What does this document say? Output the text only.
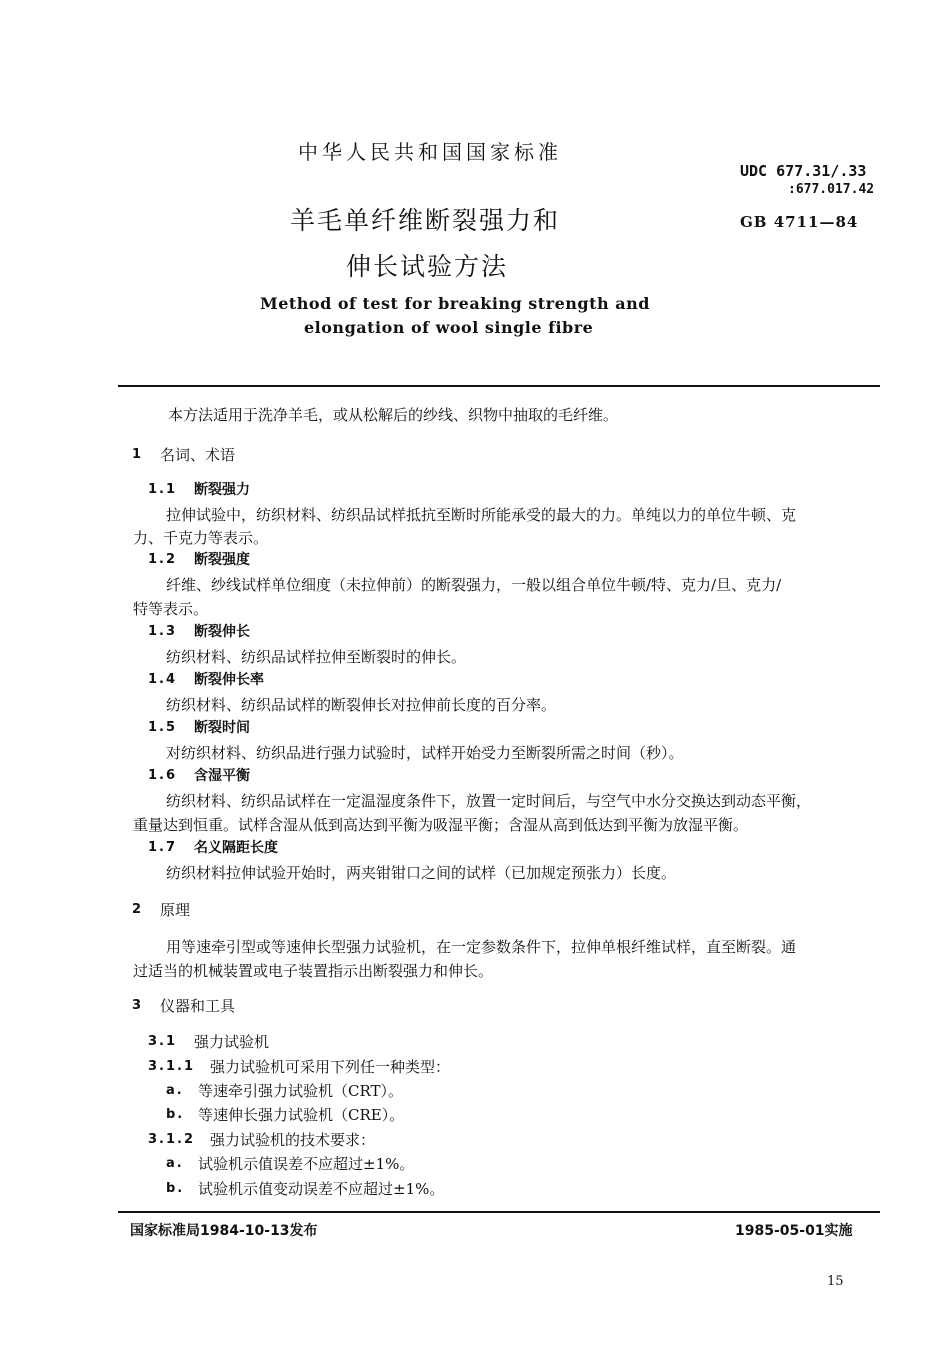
中华人民共和国国家标准
UDC 677.31/.33
:677.017.42
GB 4711—84
羊毛单纤维断裂强力和
伸长试验方法
Method of test for breaking strength and
elongation of wool single fibre
本方法适用于洗净羊毛，或从松解后的纱线、织物中抽取的毛纤维。
1 名词、术语
1.1 断裂强力
拉伸试验中，纺织材料、纺织品试样抵抗至断时所能承受的最大的力。单纯以力的单位牛顿、克
力、千克力等表示。
1.2 断裂强度
纤维、纱线试样单位细度（未拉伸前）的断裂强力，一般以组合单位牛顿/特、克力/旦、克力/
特等表示。
1.3 断裂伸长
纺织材料、纺织品试样拉伸至断裂时的伸长。
1.4 断裂伸长率
纺织材料、纺织品试样的断裂伸长对拉伸前长度的百分率。
1.5 断裂时间
对纺织材料、纺织品进行强力试验时，试样开始受力至断裂所需之时间（秒）。
1.6 含湿平衡
纺织材料、纺织品试样在一定温湿度条件下，放置一定时间后，与空气中水分交换达到动态平衡，
重量达到恒重。试样含湿从低到高达到平衡为吸湿平衡；含湿从高到低达到平衡为放湿平衡。
1.7 名义隔距长度
纺织材料拉伸试验开始时，两夹钳钳口之间的试样（已加规定预张力）长度。
2 原理
用等速牵引型或等速伸长型强力试验机，在一定参数条件下，拉伸单根纤维试样，直至断裂。通
过适当的机械装置或电子装置指示出断裂强力和伸长。
3 仪器和工具
3.1 强力试验机
3.1.1 强力试验机可采用下列任一种类型：
a. 等速牵引强力试验机（CRT）。
b. 等速伸长强力试验机（CRE）。
3.1.2 强力试验机的技术要求：
a. 试验机示值误差不应超过±1%。
b. 试验机示值变动误差不应超过±1%。
国家标准局1984-10-13发布	1985-05-01实施
15
